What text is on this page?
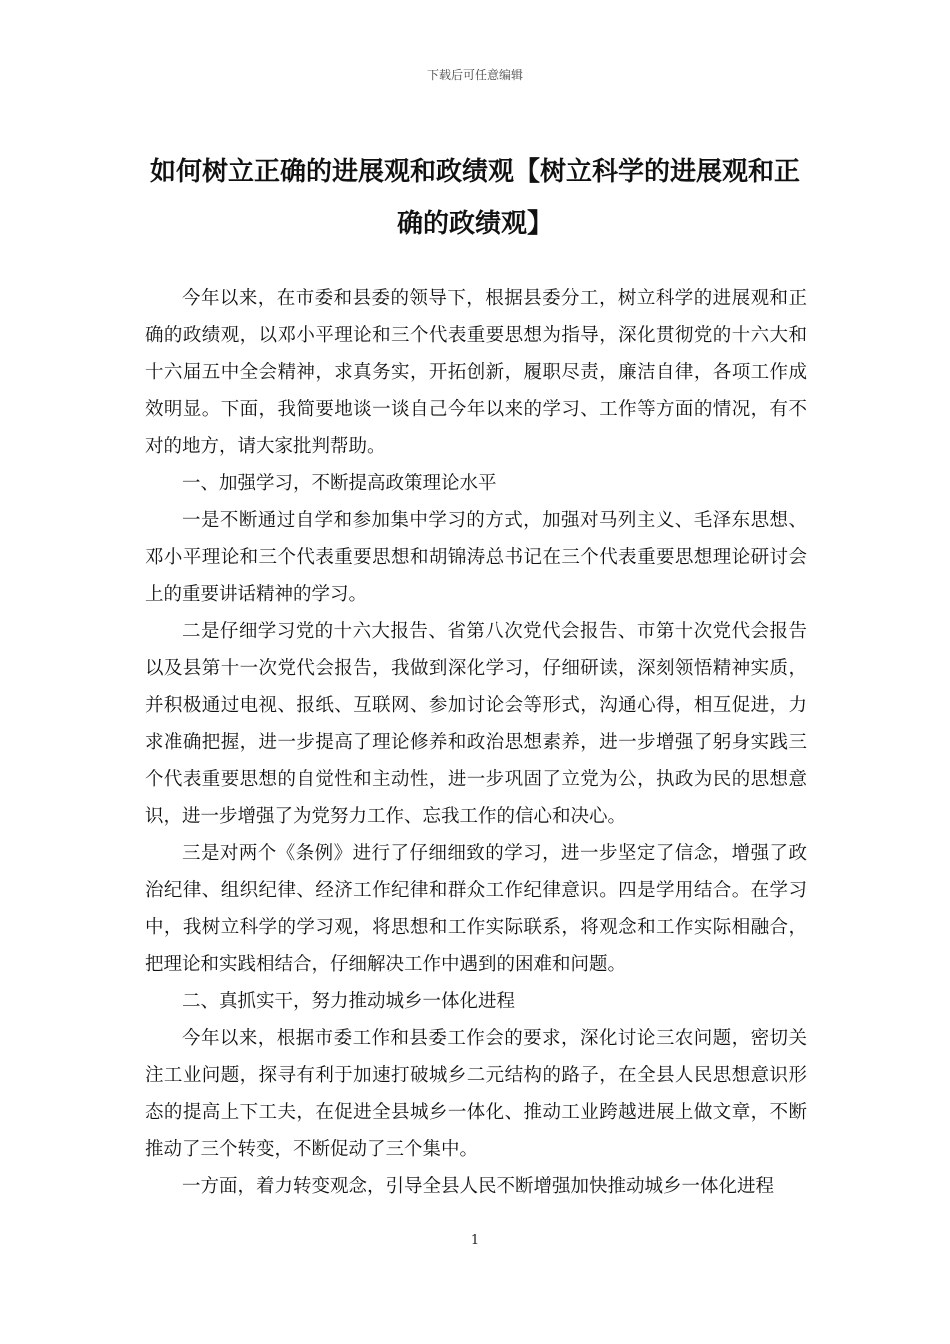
下载后可任意编辑
如何树立正确的进展观和政绩观【树立科学的进展观和正确的政绩观】

今年以来，在市委和县委的领导下，根据县委分工，树立科学的进展观和正确的政绩观，以邓小平理论和三个代表重要思想为指导，深化贯彻党的十六大和十六届五中全会精神，求真务实，开拓创新，履职尽责，廉洁自律，各项工作成效明显。下面，我简要地谈一谈自己今年以来的学习、工作等方面的情况，有不对的地方，请大家批判帮助。

一、加强学习，不断提高政策理论水平

一是不断通过自学和参加集中学习的方式，加强对马列主义、毛泽东思想、邓小平理论和三个代表重要思想和胡锦涛总书记在三个代表重要思想理论研讨会上的重要讲话精神的学习。

二是仔细学习党的十六大报告、省第八次党代会报告、市第十次党代会报告以及县第十一次党代会报告，我做到深化学习，仔细研读，深刻领悟精神实质，并积极通过电视、报纸、互联网、参加讨论会等形式，沟通心得，相互促进，力求准确把握，进一步提高了理论修养和政治思想素养，进一步增强了躬身实践三个代表重要思想的自觉性和主动性，进一步巩固了立党为公，执政为民的思想意识，进一步增强了为党努力工作、忘我工作的信心和决心。

三是对两个《条例》进行了仔细细致的学习，进一步坚定了信念，增强了政治纪律、组织纪律、经济工作纪律和群众工作纪律意识。四是学用结合。在学习中，我树立科学的学习观，将思想和工作实际联系，将观念和工作实际相融合，把理论和实践相结合，仔细解决工作中遇到的困难和问题。

二、真抓实干，努力推动城乡一体化进程

今年以来，根据市委工作和县委工作会的要求，深化讨论三农问题，密切关注工业问题，探寻有利于加速打破城乡二元结构的路子，在全县人民思想意识形态的提高上下工夫，在促进全县城乡一体化、推动工业跨越进展上做文章，不断推动了三个转变，不断促动了三个集中。

一方面，着力转变观念，引导全县人民不断增强加快推动城乡一体化进程

1
